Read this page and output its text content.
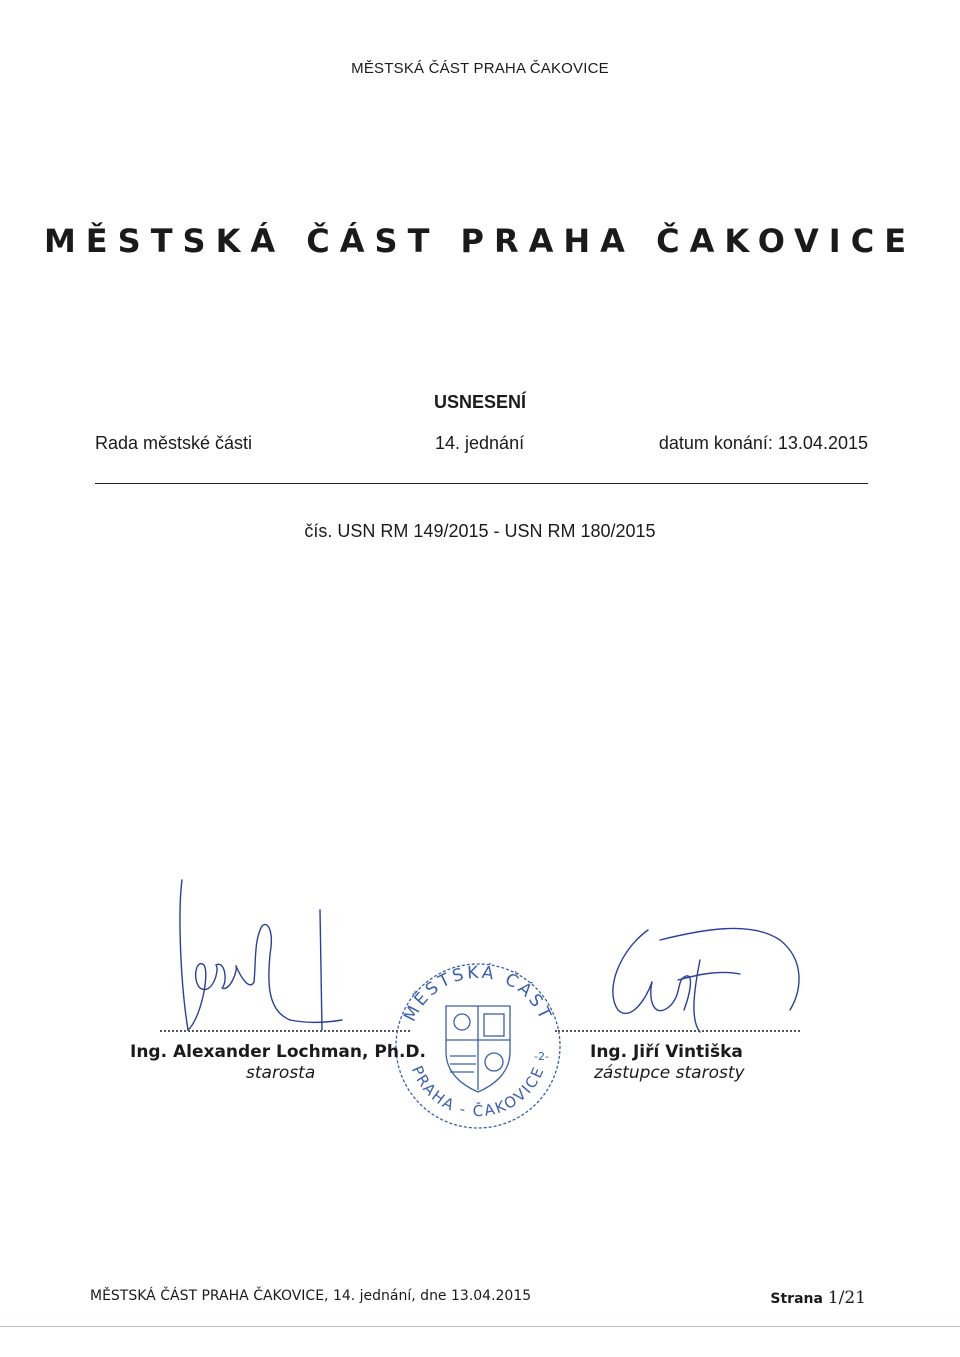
MĚSTSKÁ ČÁST PRAHA ČAKOVICE
MĚSTSKÁ ČÁST PRAHA ČAKOVICE
USNESENÍ
Rada městské části	14. jednání	datum konání: 13.04.2015
čís. USN RM 149/2015 - USN RM 180/2015
MĚSTSKÁ ČÁST
PRAHA - ČAKOVICE
-2-
Ing. Alexander Lochman, Ph.D.
starosta
Ing. Jiří Vintiška
zástupce starosty
MĚSTSKÁ ČÁST PRAHA ČAKOVICE, 14. jednání, dne 13.04.2015	Strana 1/21
